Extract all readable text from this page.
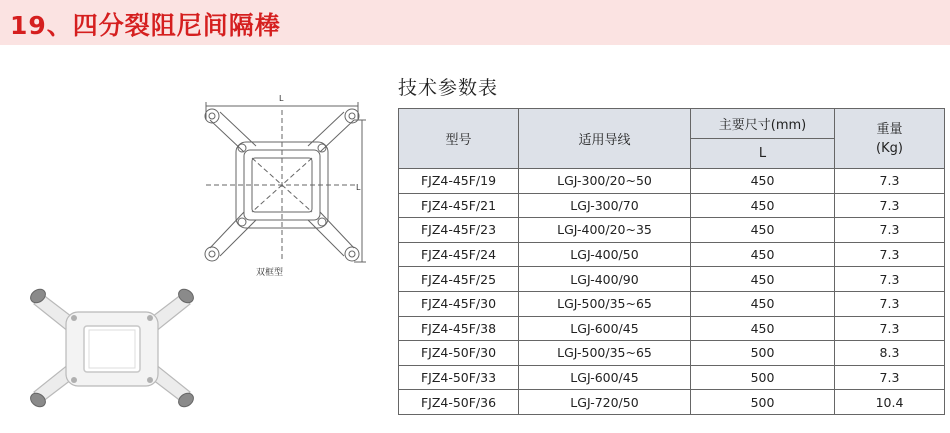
19、四分裂阻尼间隔棒
L
L
双框型
技术参数表
型号	适用导线	主要尺寸(mm)	重量
(Kg)
		L	
FJZ4-45F/19	LGJ-300/20~50	450	7.3
FJZ4-45F/21	LGJ-300/70	450	7.3
FJZ4-45F/23	LGJ-400/20~35	450	7.3
FJZ4-45F/24	LGJ-400/50	450	7.3
FJZ4-45F/25	LGJ-400/90	450	7.3
FJZ4-45F/30	LGJ-500/35~65	450	7.3
FJZ4-45F/38	LGJ-600/45	450	7.3
FJZ4-50F/30	LGJ-500/35~65	500	8.3
FJZ4-50F/33	LGJ-600/45	500	7.3
FJZ4-50F/36	LGJ-720/50	500	10.4
